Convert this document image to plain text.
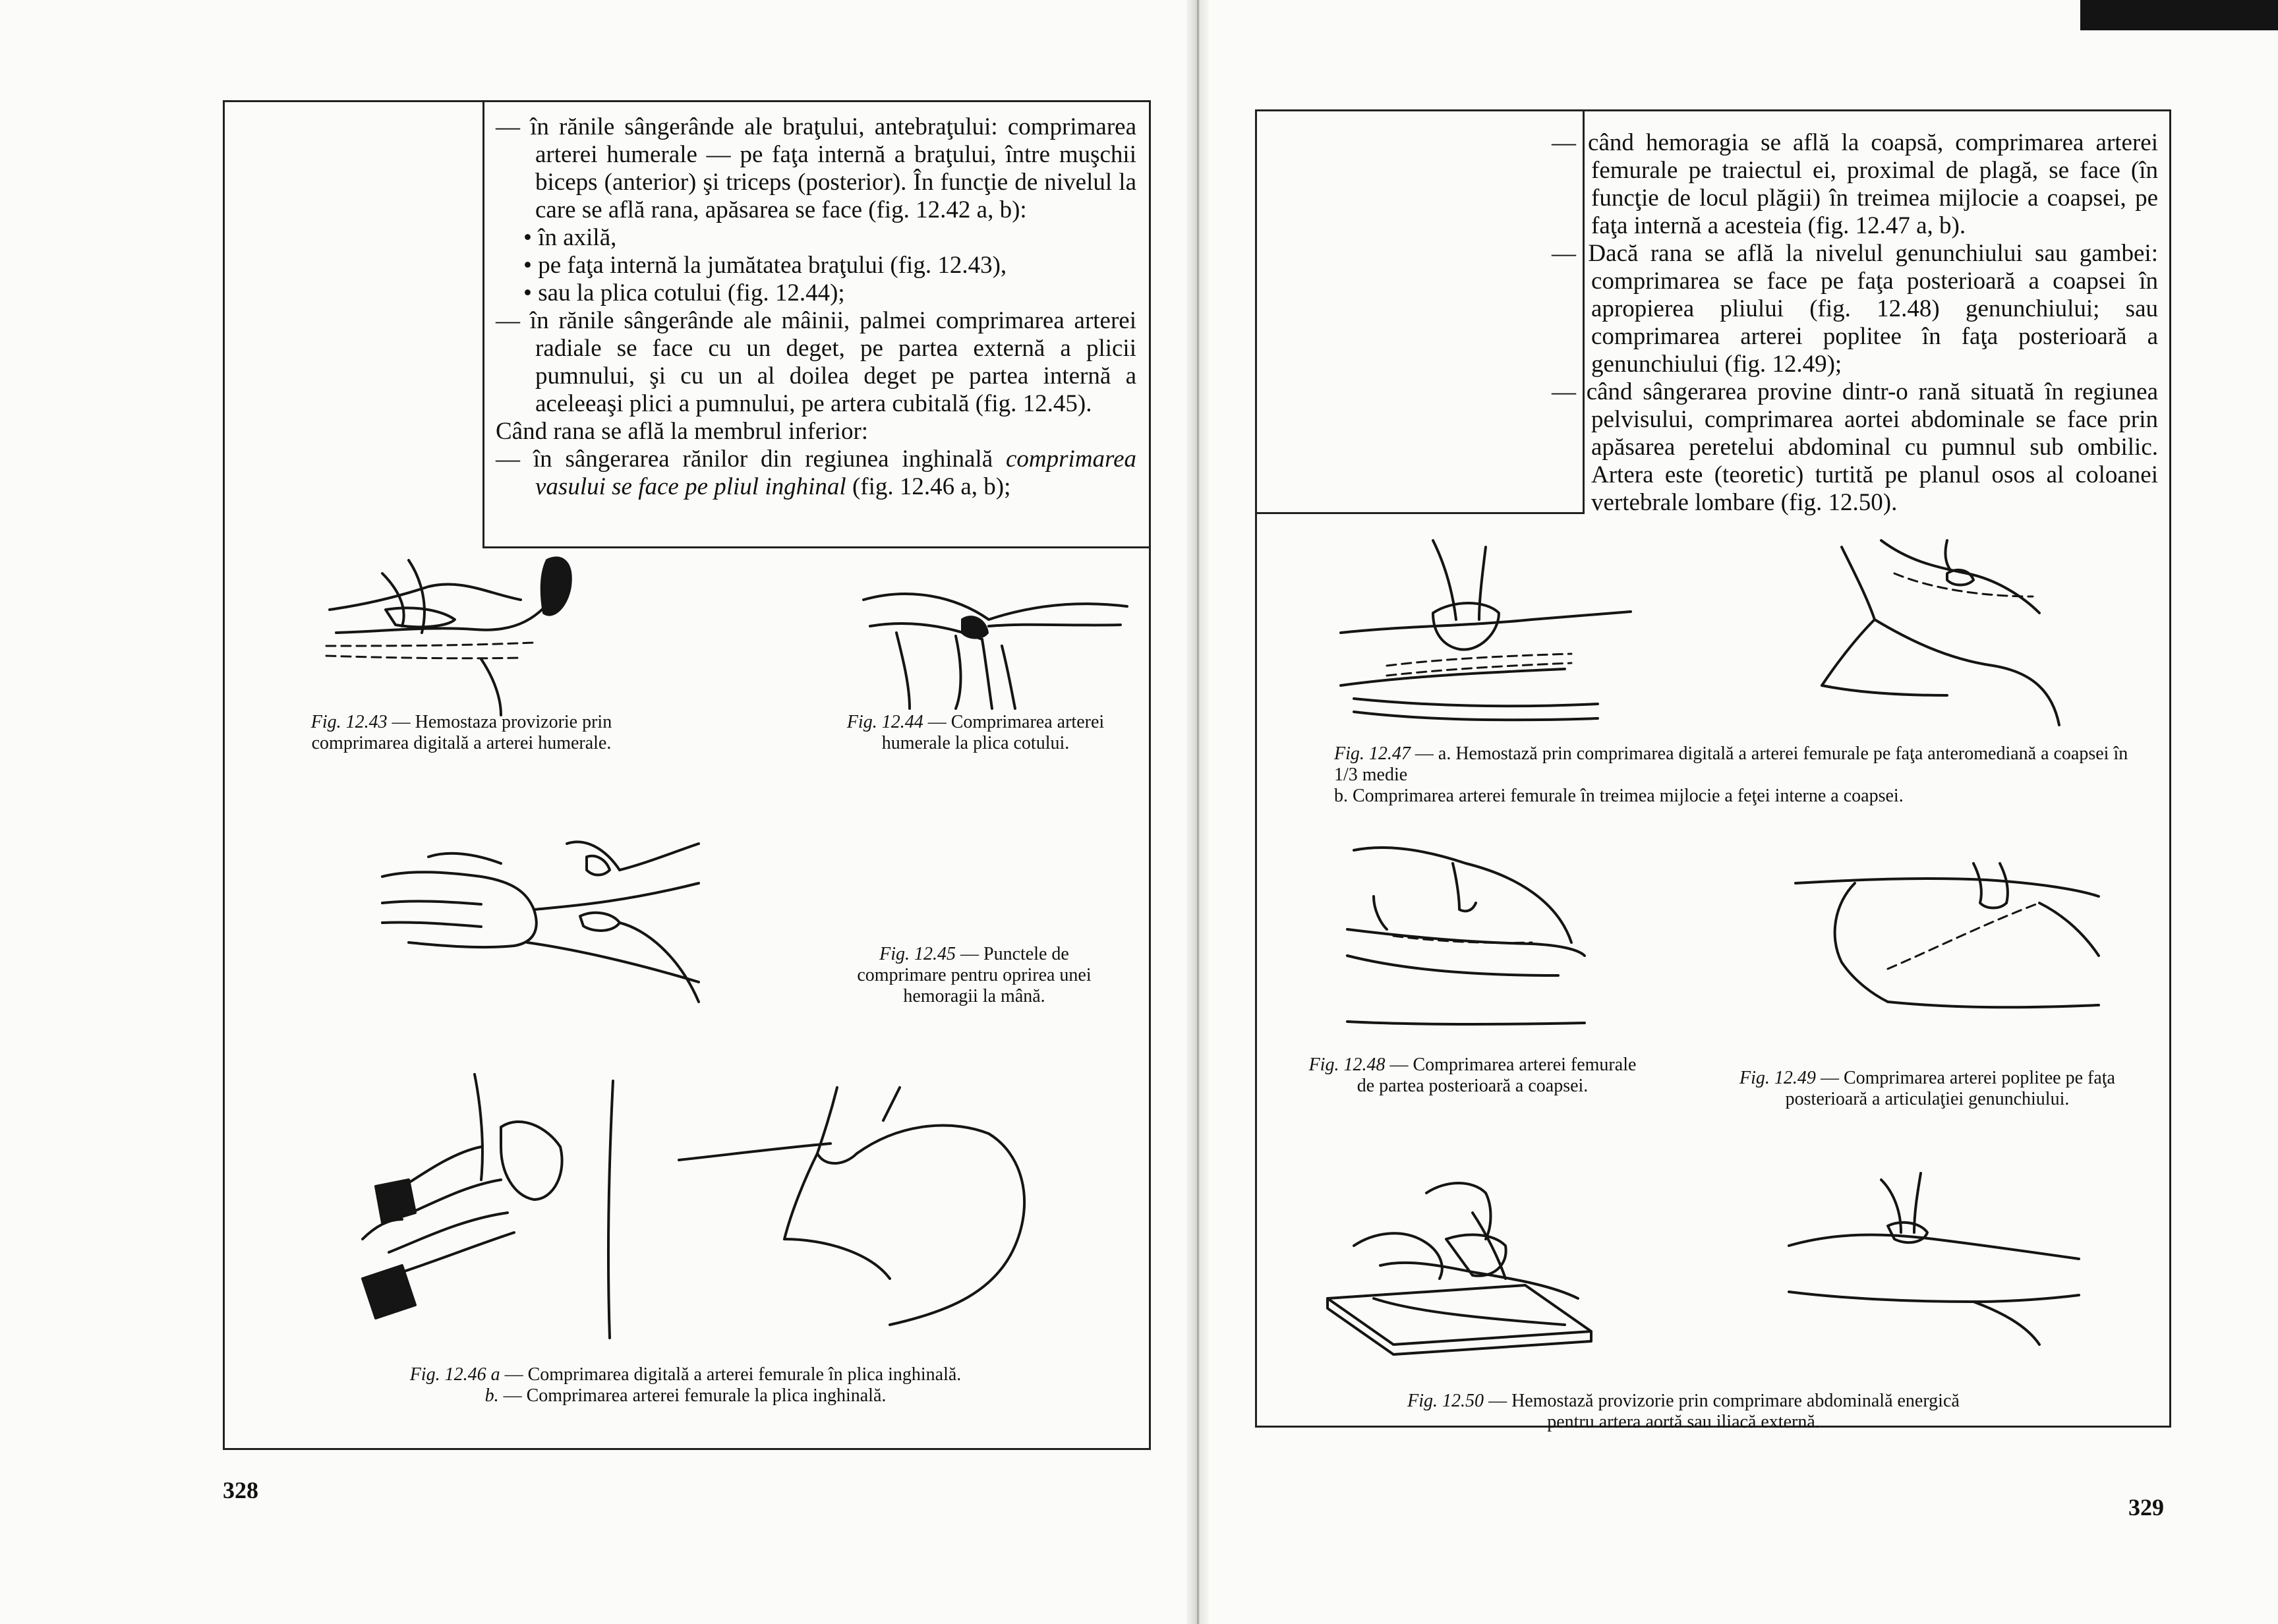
— în rănile sângerânde ale braţului, antebraţului: comprimarea arterei humerale — pe faţa internă a braţului, între muşchii biceps (anterior) şi triceps (posterior). În funcţie de nivelul la care se află rana, apăsarea se face (fig. 12.42 a, b):

• în axilă,

• pe faţa internă la jumătatea braţului (fig. 12.43),

• sau la plica cotului (fig. 12.44);

— în rănile sângerânde ale mâinii, palmei comprimarea arterei radiale se face cu un deget, pe partea externă a plicii pumnului, şi cu un al doilea deget pe partea internă a aceleeaşi plici a pumnului, pe artera cubitală (fig. 12.45).

Când rana se află la membrul inferior:

— în sângerarea rănilor din regiunea inghinală comprimarea vasului se face pe pliul inghinal (fig. 12.46 a, b);

Fig. 12.43 — Hemostaza provizorie prin comprimarea digitală a arterei humerale.
Fig. 12.44 — Comprimarea arterei humerale la plica cotului.
Fig. 12.45 — Punctele de comprimare pentru oprirea unei hemoragii la mână.
Fig. 12.46 a — Comprimarea digitală a arterei femurale în plica inghinală.
b. — Comprimarea arterei femurale la plica inghinală.
328

— când hemoragia se află la coapsă, comprimarea arterei femurale pe traiectul ei, proximal de plagă, se face (în funcţie de locul plăgii) în treimea mijlocie a coapsei, pe faţa internă a acesteia (fig. 12.47 a, b).

— Dacă rana se află la nivelul genunchiului sau gambei: comprimarea se face pe faţa posterioară a coapsei în apropierea pliului (fig. 12.48) genunchiului; sau comprimarea arterei poplitee în faţa posterioară a genunchiului (fig. 12.49);

— când sângerarea provine dintr-o rană situată în regiunea pelvisului, comprimarea aortei abdominale se face prin apăsarea peretelui abdominal cu pumnul sub ombilic. Artera este (teoretic) turtită pe planul osos al coloanei vertebrale lombare (fig. 12.50).

Fig. 12.47 — a. Hemostază prin comprimarea digitală a arterei femurale pe faţa anteromediană a coapsei în 1/3 medie
b. Comprimarea arterei femurale în treimea mijlocie a feţei interne a coapsei.
Fig. 12.48 — Comprimarea arterei femurale de partea posterioară a coapsei.	Fig. 12.49 — Comprimarea arterei poplitee pe faţa posterioară a articulaţiei genunchiului.
Fig. 12.50 — Hemostază provizorie prin comprimare abdominală energică pentru artera aortă sau iliacă externă.
329
